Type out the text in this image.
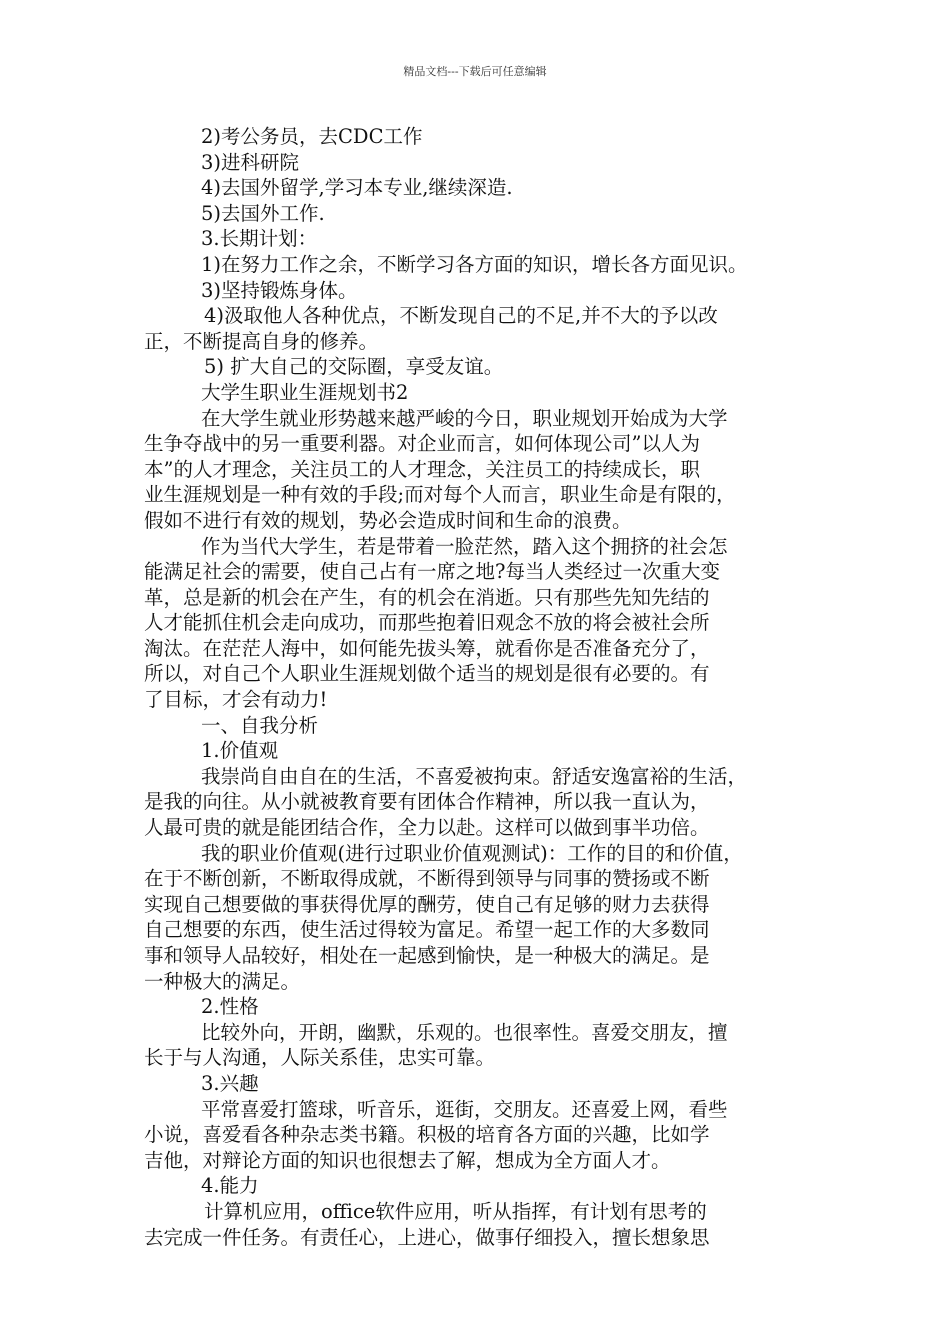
精品文档---下载后可任意编辑

2)考公务员，去CDC工作

3)进科研院

4)去国外留学,学习本专业,继续深造.

5)去国外工作.

3.长期计划：

1)在努力工作之余，不断学习各方面的知识，增长各方面见识。

3)坚持锻炼身体。

4)汲取他人各种优点，不断发现自己的不足,并不大的予以改

正，不断提高自身的修养。

5) 扩大自己的交际圈，享受友谊。

大学生职业生涯规划书2

在大学生就业形势越来越严峻的今日，职业规划开始成为大学

生争夺战中的另一重要利器。对企业而言，如何体现公司”以人为

本”的人才理念，关注员工的人才理念，关注员工的持续成长，职

业生涯规划是一种有效的手段;而对每个人而言，职业生命是有限的，

假如不进行有效的规划，势必会造成时间和生命的浪费。

作为当代大学生，若是带着一脸茫然，踏入这个拥挤的社会怎

能满足社会的需要，使自己占有一席之地?每当人类经过一次重大变

革，总是新的机会在产生，有的机会在消逝。只有那些先知先结的

人才能抓住机会走向成功，而那些抱着旧观念不放的将会被社会所

淘汰。在茫茫人海中，如何能先拔头筹，就看你是否准备充分了，

所以，对自己个人职业生涯规划做个适当的规划是很有必要的。有

了目标，才会有动力!

一、自我分析

1.价值观

我崇尚自由自在的生活，不喜爱被拘束。舒适安逸富裕的生活，

是我的向往。从小就被教育要有团体合作精神，所以我一直认为，

人最可贵的就是能团结合作，全力以赴。这样可以做到事半功倍。

我的职业价值观(进行过职业价值观测试)：工作的目的和价值，

在于不断创新，不断取得成就，不断得到领导与同事的赞扬或不断

实现自己想要做的事获得优厚的酬劳，使自己有足够的财力去获得

自己想要的东西，使生活过得较为富足。希望一起工作的大多数同

事和领导人品较好，相处在一起感到愉快，是一种极大的满足。是

一种极大的满足。

2.性格

比较外向，开朗，幽默，乐观的。也很率性。喜爱交朋友，擅

长于与人沟通，人际关系佳，忠实可靠。

3.兴趣

平常喜爱打篮球，听音乐，逛街，交朋友。还喜爱上网，看些

小说，喜爱看各种杂志类书籍。积极的培育各方面的兴趣，比如学

吉他，对辩论方面的知识也很想去了解，想成为全方面人才。

4.能力

计算机应用，office软件应用，听从指挥，有计划有思考的

去完成一件任务。有责任心，上进心，做事仔细投入，擅长想象思
